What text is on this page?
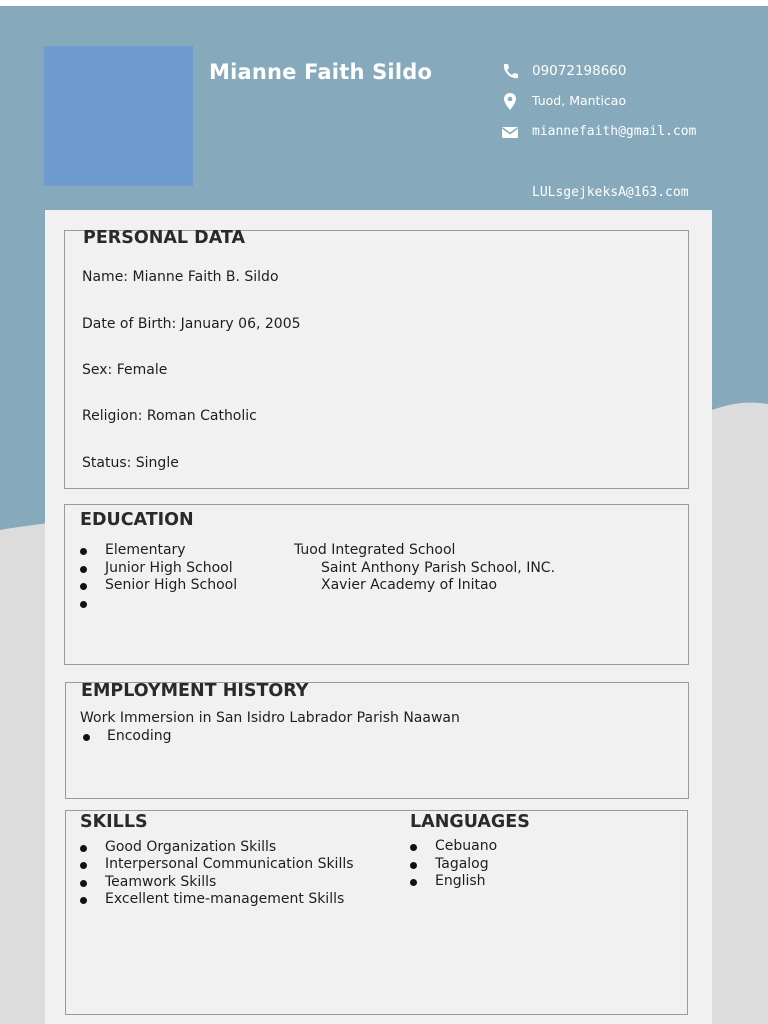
Mianne Faith Sildo	09072198660
Tuod, Manticao
miannefaith@gmail.com
LULsgejkeksA@163.com
PERSONAL DATA
Name: Mianne Faith B. Sildo
Date of Birth: January 06, 2005
Sex: Female
Religion: Roman Catholic
Status: Single
EDUCATION
Elementary	Tuod Integrated School
Junior High School	Saint Anthony Parish School, INC.
Senior High School	Xavier Academy of Initao
EMPLOYMENT HISTORY
Work Immersion in San Isidro Labrador Parish Naawan
Encoding
SKILLS
Good Organization Skills
Interpersonal Communication Skills
Teamwork Skills
Excellent time-management Skills
LANGUAGES
Cebuano
Tagalog
English
